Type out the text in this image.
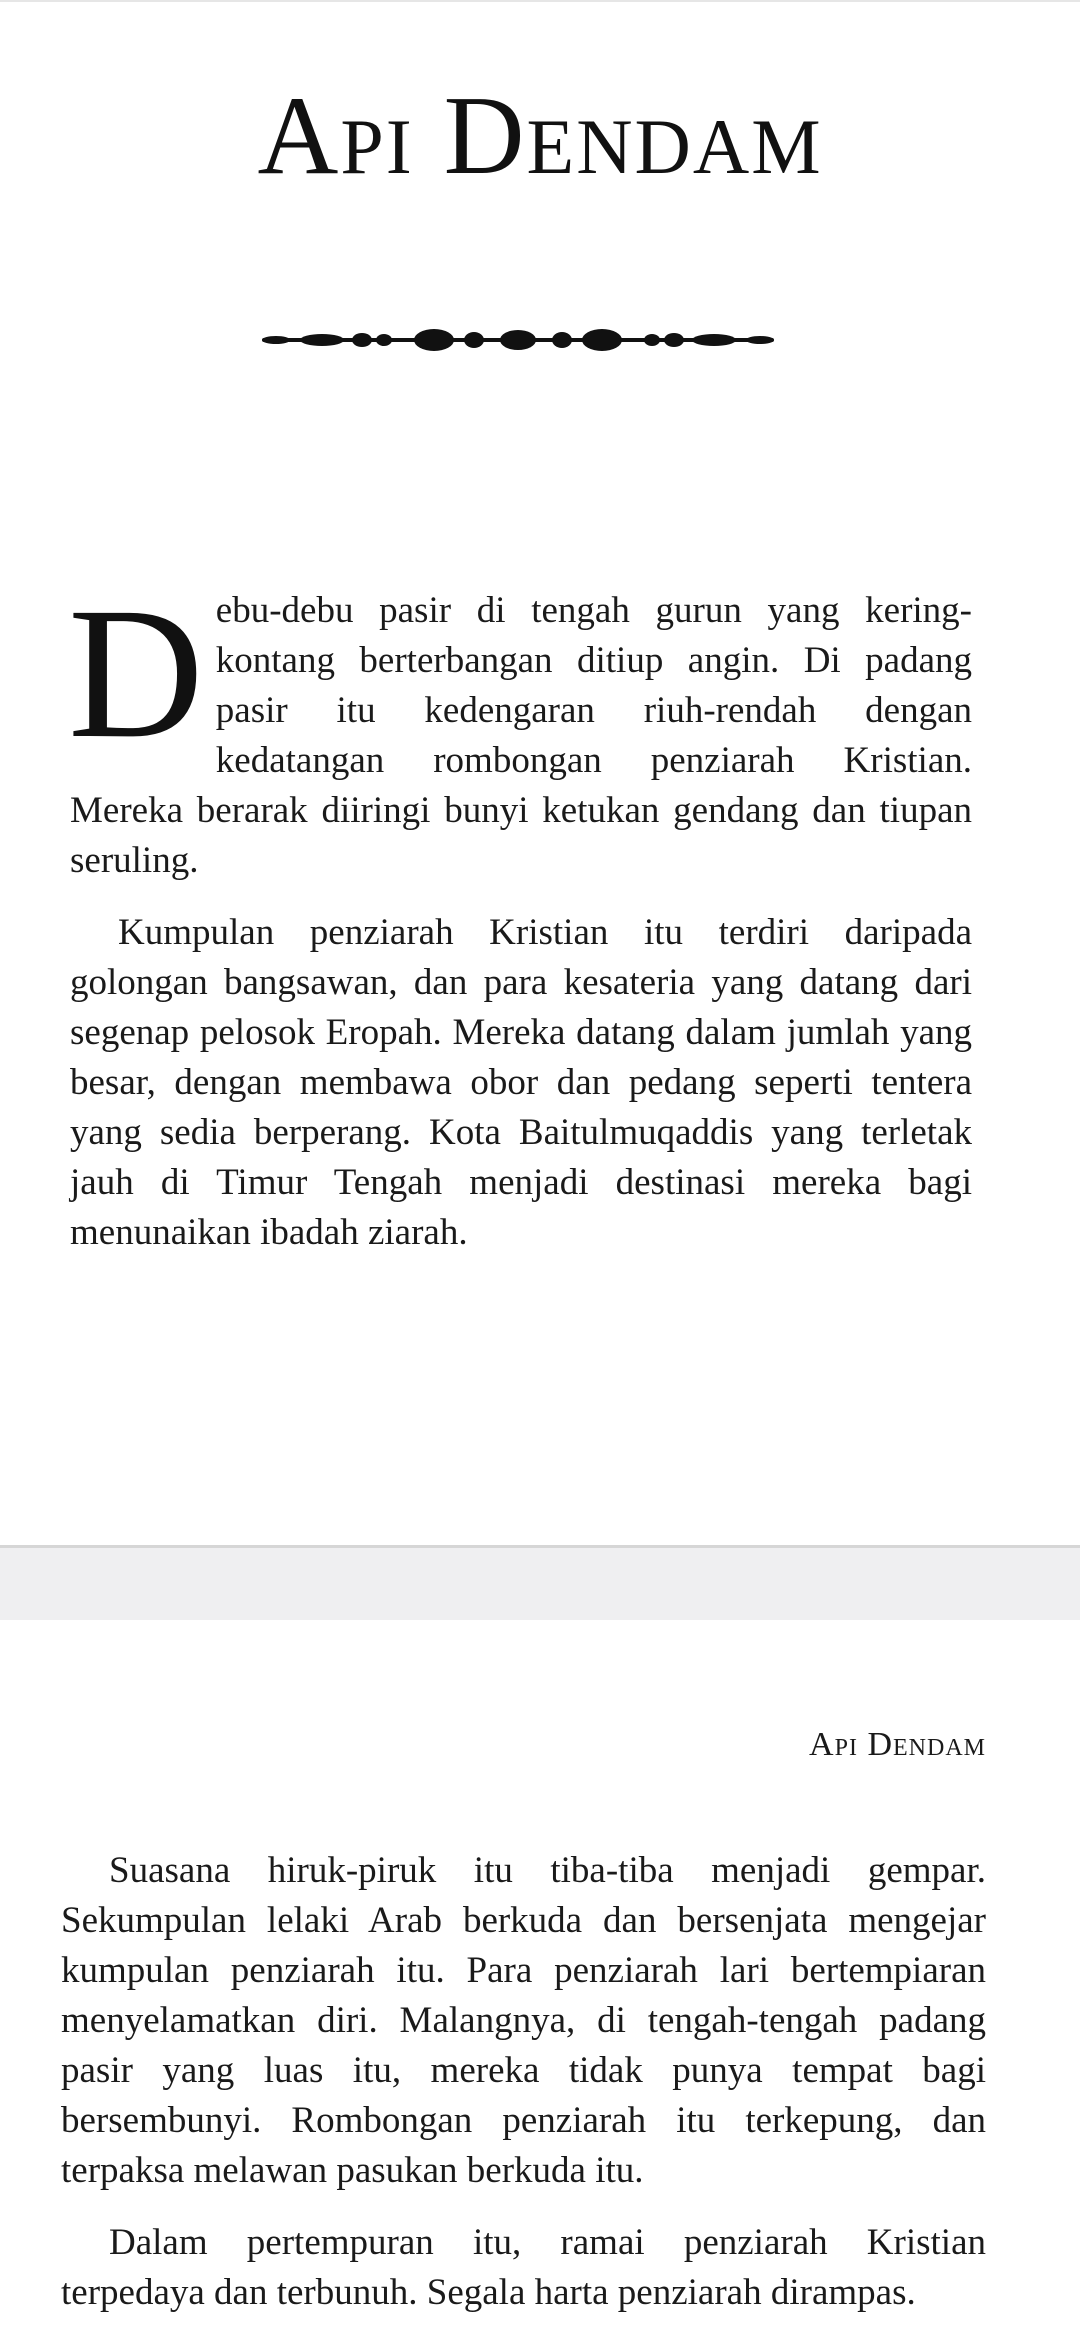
Api Dendam

Debu-debu pasir di tengah gurun yang kering-kontang berterbangan ditiup angin. Di padang pasir itu kedengaran riuh-rendah dengan kedatangan rombongan penziarah Kristian. Mereka berarak diiringi bunyi ketukan gendang dan tiupan seruling.

Kumpulan penziarah Kristian itu terdiri daripada golongan bangsawan, dan para kesateria yang datang dari segenap pelosok Eropah. Mereka datang dalam jumlah yang besar, dengan membawa obor dan pedang seperti tentera yang sedia berperang. Kota Baitulmuqaddis yang terletak jauh di Timur Tengah menjadi destinasi mereka bagi menunaikan ibadah ziarah.

Api Dendam

Suasana hiruk-piruk itu tiba-tiba menjadi gempar. Sekumpulan lelaki Arab berkuda dan bersenjata mengejar kumpulan penziarah itu. Para penziarah lari bertempiaran menyelamatkan diri. Malangnya, di tengah-tengah padang pasir yang luas itu, mereka tidak punya tempat bagi bersembunyi. Rombongan penziarah itu terkepung, dan terpaksa melawan pasukan berkuda itu.

Dalam pertempuran itu, ramai penziarah Kristian terpedaya dan terbunuh. Segala harta penziarah dirampas.
